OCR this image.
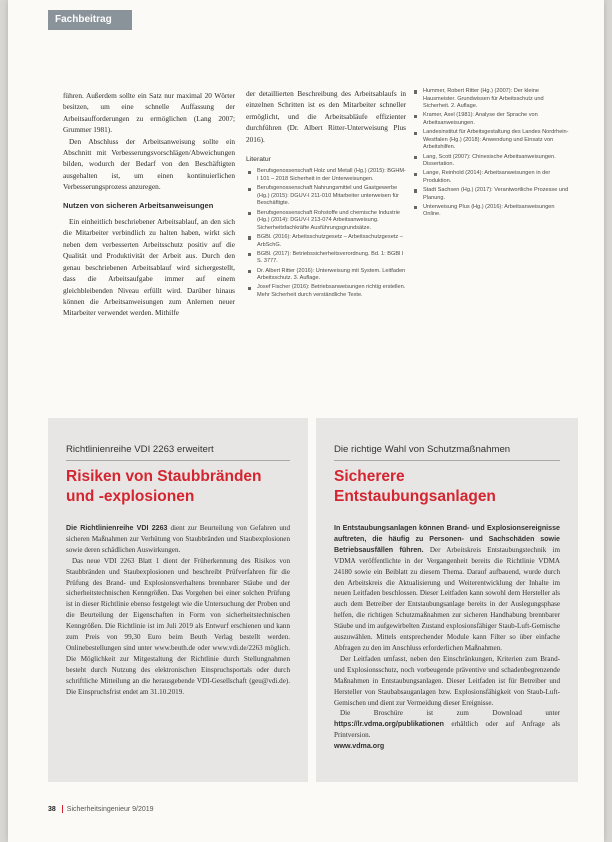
Fachbeitrag

führen. Außerdem sollte ein Satz nur maximal 20 Wörter besitzen, um eine schnelle Auffassung der Arbeitsaufforderungen zu ermöglichen (Lang 2007; Grummer 1981).

Den Abschluss der Arbeitsanweisung sollte ein Abschnitt mit Verbesserungsvorschlägen/Abweichungen bilden, wodurch der Bedarf von den Beschäftigten ausgehalten ist, um einen kontinuierlichen Verbesserungsprozess anzuregen.

Nutzen von sicheren Arbeitsanweisungen

Ein einheitlich beschriebener Arbeitsablauf, an den sich die Mitarbeiter verbindlich zu halten haben, wirkt sich neben dem verbesserten Arbeitsschutz positiv auf die Qualität und Produktivität der Arbeit aus. Durch den genau beschriebenen Arbeitsablauf wird sichergestellt, dass die Arbeitsaufgabe immer auf einem gleichbleibenden Niveau erfüllt wird. Darüber hinaus können die Arbeitsanweisungen zum Anlernen neuer Mitarbeiter verwendet werden. Mithilfe

der detaillierten Beschreibung des Arbeitsablaufs in einzelnen Schritten ist es den Mitarbeiter schneller ermöglicht, und die Arbeitsabläufe effizienter durchführen (Dr. Albert Ritter-Unterweisung Plus 2016).

Literatur
Berufsgenossenschaft Holz und Metall (Hg.) (2015): BGHM-I 101 – 2018 Sicherheit in der Unterweisungen.
Berufsgenossenschaft Nahrungsmittel und Gastgewerbe (Hg.) (2015): DGUV-I 211-010 Mitarbeiter unterweisen für Beschäftigte.
Berufsgenossenschaft Rohstoffe und chemische Industrie (Hg.) (2014): DGUV-I 213-074 Arbeitsanweisung. Sicherheitsfachkräfte Ausführungsgrundsätze.
BGBl. (2016): Arbeitsschutzgesetz – Arbeitsschutzgesetz – ArbSchG.
BGBl. (2017): Betriebssicherheitsverordnung. Bd. 1: BGBl I S. 3777.
Dr. Albert Ritter (2016): Unterweisung mit System. Leitfaden Arbeitsschutz. 3. Auflage.
Josef Fischer (2016): Betriebsanweisungen richtig erstellen. Mehr Sicherheit durch verständliche Texte.
Hummer, Robert Ritter (Hg.) (2007): Der kleine Hausmeister. Grundwissen für Arbeitsschutz und Sicherheit. 2. Auflage.
Kramer, Axel (1981): Analyse der Sprache von Arbeitsanweisungen.
Landesinstitut für Arbeitsgestaltung des Landes Nordrhein-Westfalen (Hg.) (2018): Anwendung und Einsatz von Arbeitshilfen.
Lang, Scott (2007): Chinesische Arbeitsanweisungen. Dissertation.
Lange, Reinhold (2014): Arbeitsanweisungen in der Produktion.
Stadt Sachsen (Hg.) (2017): Verantwortliche Prozesse und Planung.
Unterweisung Plus (Hg.) (2016): Arbeitsanweisungen Online.
Richtlinienreihe VDI 2263 erweitert
Risiken von Staubbränden und -explosionen

Die Richtlinienreihe VDI 2263 dient zur Beurteilung von Gefahren und sicheren Maßnahmen zur Verhütung von Staubbränden und Staubexplosionen sowie deren schädlichen Auswirkungen.

Das neue VDI 2263 Blatt 1 dient der Früherkennung des Risikos von Staubbränden und Staubexplosionen und beschreibt Prüfverfahren für die Prüfung des Brand- und Explosionsverhaltens brennbarer Stäube und der sicherheitstechnischen Kenngrößen. Das Vorgehen bei einer solchen Prüfung ist in dieser Richtlinie ebenso festgelegt wie die Untersuchung der Proben und die Beurteilung der Eigenschaften in Form von sicherheitstechnischen Kenngrößen. Die Richtlinie ist im Juli 2019 als Entwurf erschienen und kann zum Preis von 99,30 Euro beim Beuth Verlag bestellt werden. Onlinebestellungen sind unter www.beuth.de oder www.vdi.de/2263 möglich. Die Möglichkeit zur Mitgestaltung der Richtlinie durch Stellungnahmen besteht durch Nutzung des elektronischen Einspruchsportals oder durch schriftliche Mitteilung an die herausgebende VDI-Gesellschaft (geu@vdi.de). Die Einspruchsfrist endet am 31.10.2019.

Die richtige Wahl von Schutzmaßnahmen
Sicherere Entstaubungsanlagen

In Entstaubungsanlagen können Brand- und Explosionsereignisse auftreten, die häufig zu Personen- und Sachschäden sowie Betriebsausfällen führen. Der Arbeitskreis Entstaubungstechnik im VDMA veröffentlichte in der Vergangenheit bereits die Richtlinie VDMA 24180 sowie ein Beiblatt zu diesem Thema. Darauf aufbauend, wurde durch den Arbeitskreis die Aktualisierung und Weiterentwicklung der Inhalte im neuen Leitfaden beschlossen. Dieser Leitfaden kann sowohl dem Hersteller als auch dem Betreiber der Entstaubungsanlage bereits in der Auslegungsphase helfen, die richtigen Schutzmaßnahmen zur sicheren Handhabung brennbarer Stäube und im aufgewirbelten Zustand explosionsfähiger Staub-Luft-Gemische auszuwählen. Mittels entsprechender Module kann Filter so über einfache Abfragen zu den im Anschluss erforderlichen Maßnahmen.

Der Leitfaden umfasst, neben den Einschränkungen, Kriterien zum Brand- und Explosionsschutz, noch vorbeugende präventive und schadenbegrenzende Maßnahmen in Entstaubungsanlagen. Dieser Leitfaden ist für Betreiber und Hersteller von Staubabsauganlagen bzw. Explosionsfähigkeit von Staub-Luft-Gemischen und dient zur Vermeidung dieser Ereignisse.

Die Broschüre ist zum Download unter https://lr.vdma.org/publikationen erhältlich oder auf Anfrage als Printversion.

www.vdma.org

38 Sicherheitsingenieur 9/2019
